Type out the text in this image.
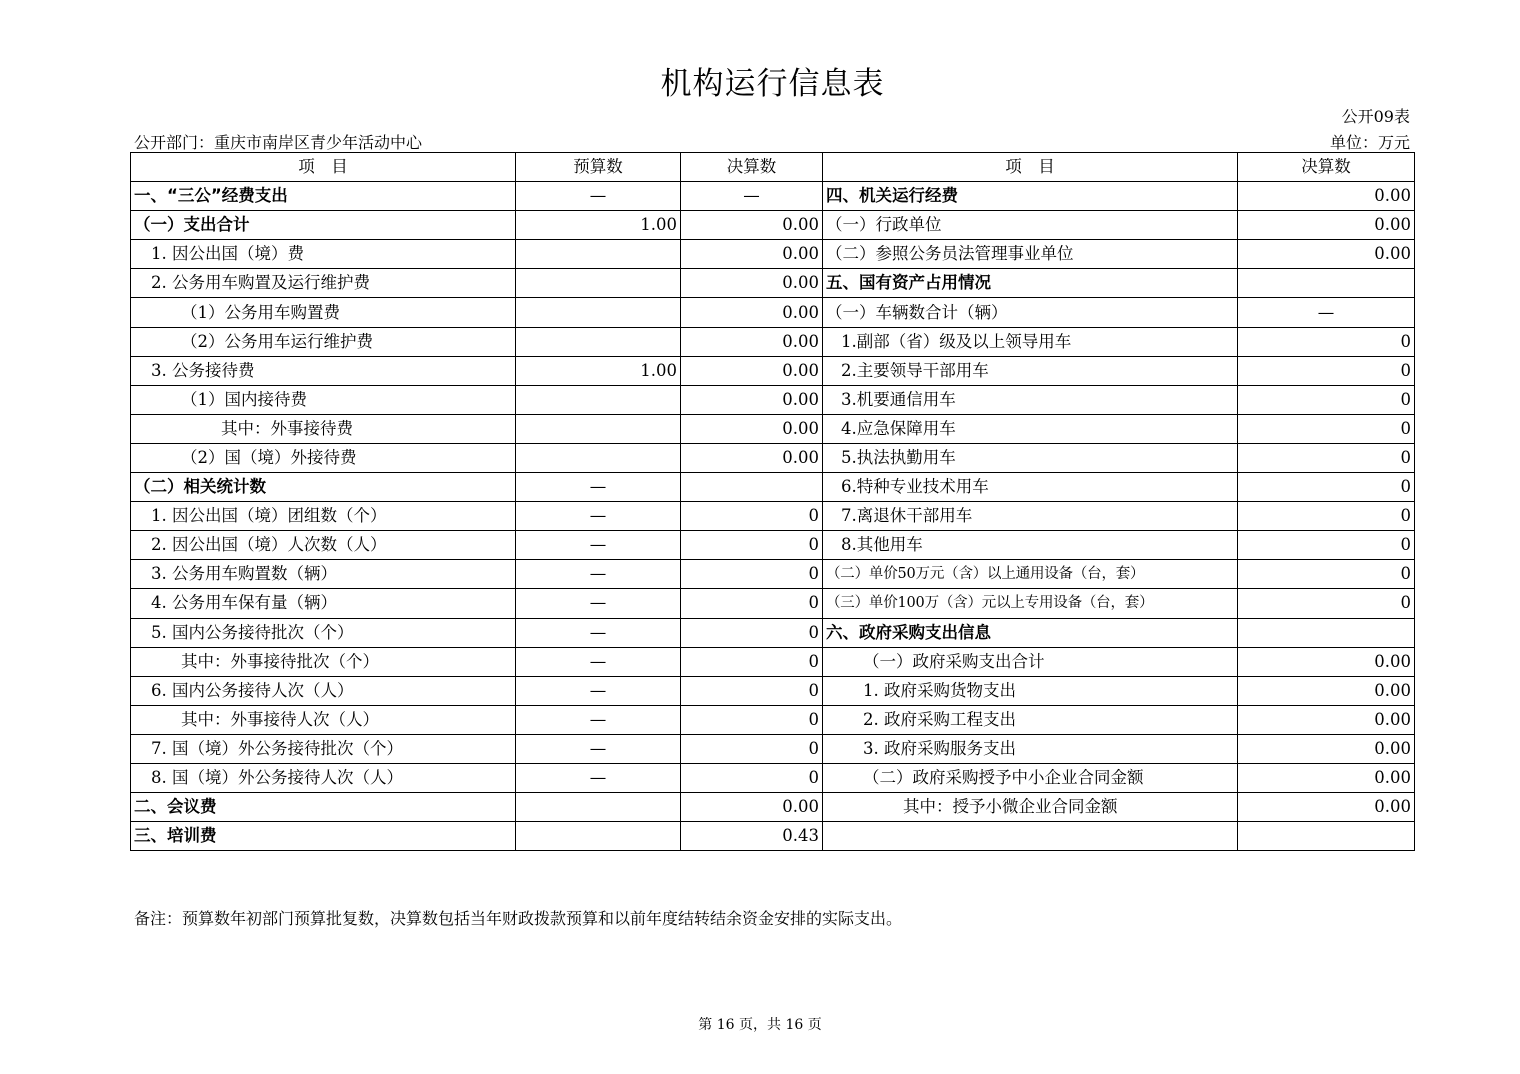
机构运行信息表
公开09表
公开部门：重庆市南岸区青少年活动中心	单位：万元
项　目	预算数	决算数	项　目	决算数
一、“三公”经费支出	—	—	四、机关运行经费	0.00
（一）支出合计	1.00	0.00	（一）行政单位	0.00
1. 因公出国（境）费		0.00	（二）参照公务员法管理事业单位	0.00
2. 公务用车购置及运行维护费		0.00	五、国有资产占用情况	
（1）公务用车购置费		0.00	（一）车辆数合计（辆）	—
（2）公务用车运行维护费		0.00	1.副部（省）级及以上领导用车	0
3. 公务接待费	1.00	0.00	2.主要领导干部用车	0
（1）国内接待费		0.00	3.机要通信用车	0
其中：外事接待费		0.00	4.应急保障用车	0
（2）国（境）外接待费		0.00	5.执法执勤用车	0
（二）相关统计数	—		6.特种专业技术用车	0
1. 因公出国（境）团组数（个）	—	0	7.离退休干部用车	0
2. 因公出国（境）人次数（人）	—	0	8.其他用车	0
3. 公务用车购置数（辆）	—	0	（二）单价50万元（含）以上通用设备（台，套）	0
4. 公务用车保有量（辆）	—	0	（三）单价100万（含）元以上专用设备（台，套）	0
5. 国内公务接待批次（个）	—	0	六、政府采购支出信息	
其中：外事接待批次（个）	—	0	（一）政府采购支出合计	0.00
6. 国内公务接待人次（人）	—	0	1. 政府采购货物支出	0.00
其中：外事接待人次（人）	—	0	2. 政府采购工程支出	0.00
7. 国（境）外公务接待批次（个）	—	0	3. 政府采购服务支出	0.00
8. 国（境）外公务接待人次（人）	—	0	（二）政府采购授予中小企业合同金额	0.00
二、会议费		0.00	其中：授予小微企业合同金额	0.00
三、培训费		0.43		
备注：预算数年初部门预算批复数，决算数包括当年财政拨款预算和以前年度结转结余资金安排的实际支出。
第 16 页，共 16 页
